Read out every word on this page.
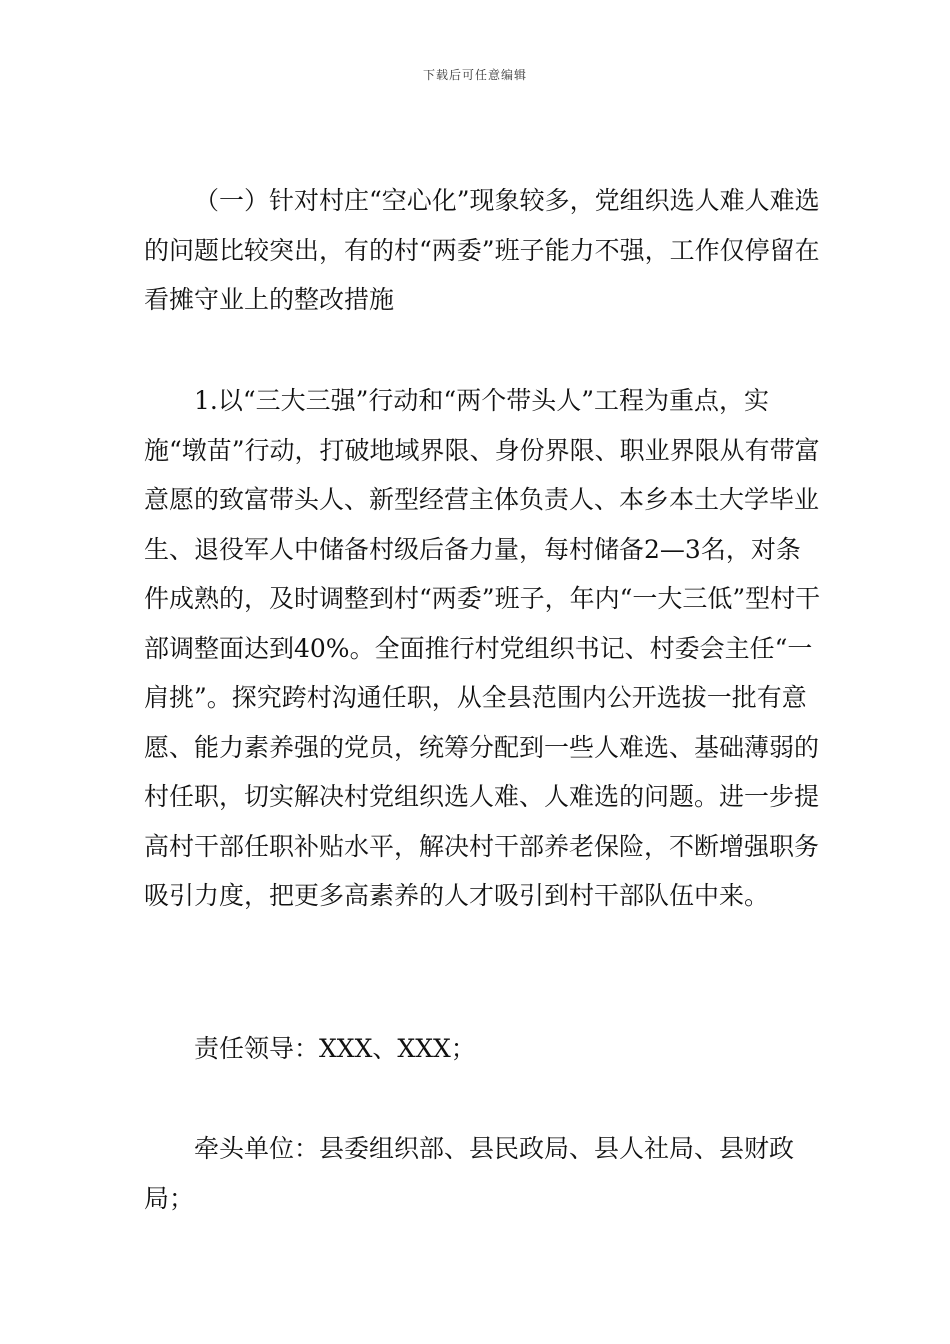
下载后可任意编辑

（一）针对村庄“空心化”现象较多，党组织选人难人难选的问题比较突出，有的村“两委”班子能力不强，工作仅停留在看摊守业上的整改措施

1.以“三大三强”行动和“两个带头人”工程为重点，实施“墩苗”行动，打破地域界限、身份界限、职业界限从有带富意愿的致富带头人、新型经营主体负责人、本乡本土大学毕业生、退役军人中储备村级后备力量，每村储备2—3名，对条件成熟的，及时调整到村“两委”班子，年内“一大三低”型村干部调整面达到40%。全面推行村党组织书记、村委会主任“一肩挑”。探究跨村沟通任职，从全县范围内公开选拔一批有意愿、能力素养强的党员，统筹分配到一些人难选、基础薄弱的村任职，切实解决村党组织选人难、人难选的问题。进一步提高村干部任职补贴水平，解决村干部养老保险，不断增强职务吸引力度，把更多高素养的人才吸引到村干部队伍中来。

责任领导：XXX、XXX；

牵头单位：县委组织部、县民政局、县人社局、县财政局；
